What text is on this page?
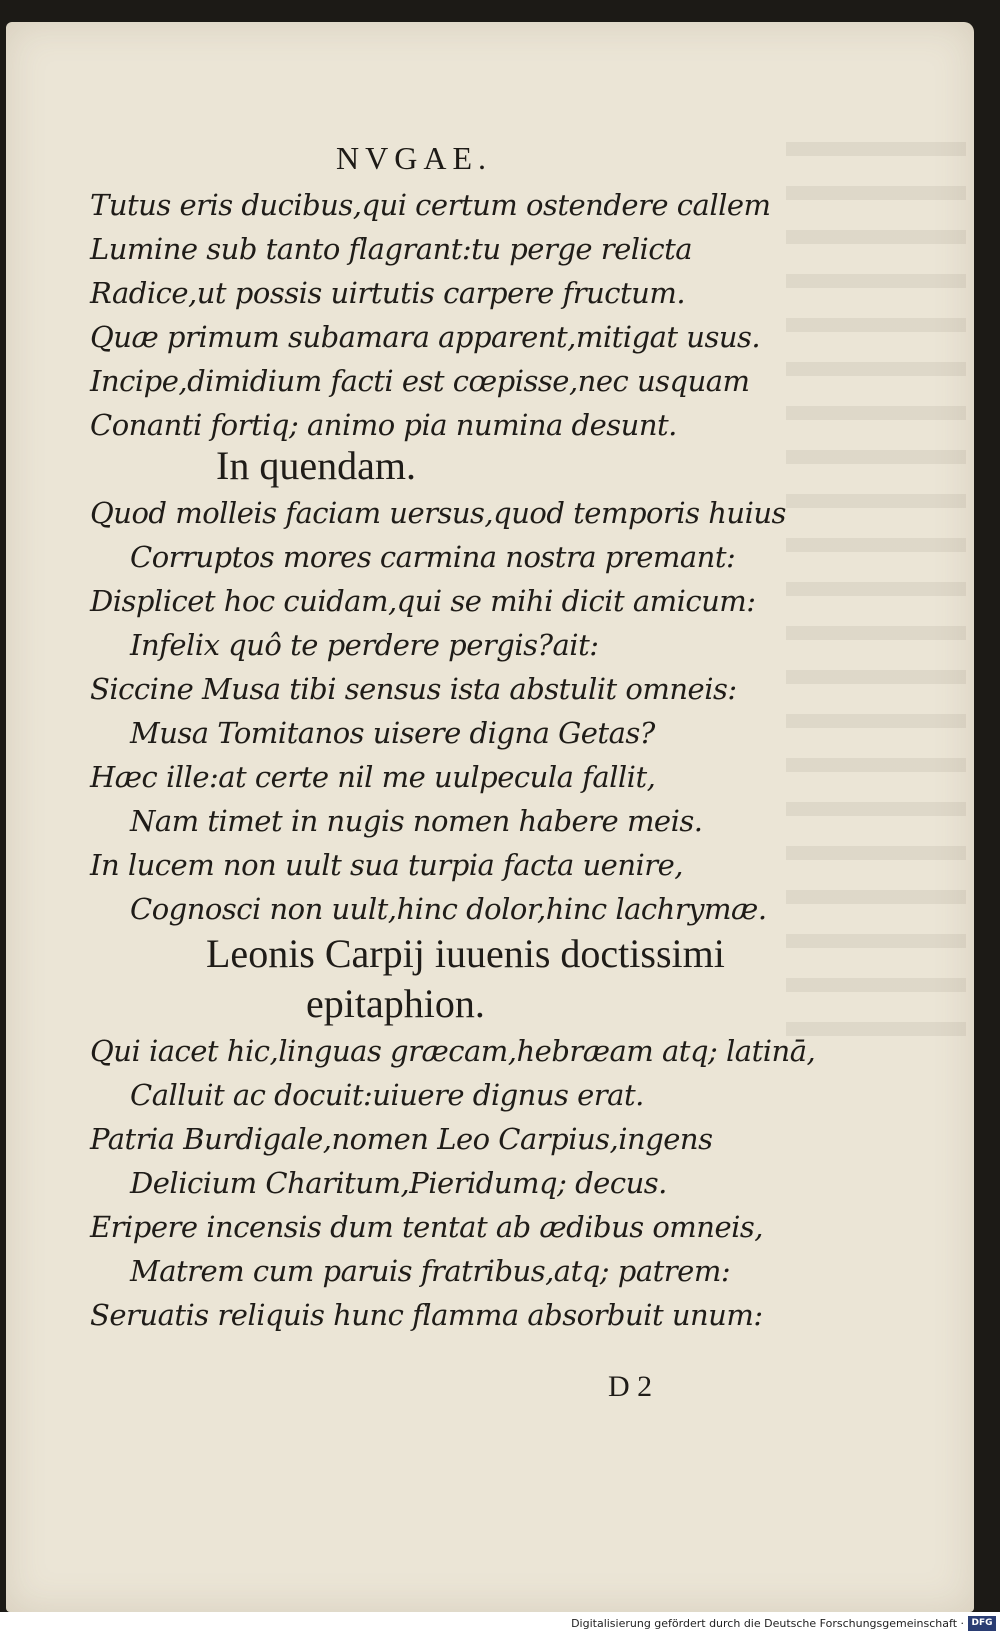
NVGAE.
Tutus eris ducibus,qui certum ostendere callem
Lumine sub tanto flagrant:tu perge relicta
Radice,ut possis uirtutis carpere fructum.
Quæ primum subamara apparent,mitigat usus.
Incipe,dimidium facti est cœpisse,nec usquam
Conanti fortiq; animo pia numina desunt.
In quendam.
Quod molleis faciam uersus,quod temporis huius
Corruptos mores carmina nostra premant:
Displicet hoc cuidam,qui se mihi dicit amicum:
Infelix quô te perdere pergis?ait:
Siccine Musa tibi sensus ista abstulit omneis:
Musa Tomitanos uisere digna Getas?
Hæc ille:at certe nil me uulpecula fallit,
Nam timet in nugis nomen habere meis.
In lucem non uult sua turpia facta uenire,
Cognosci non uult,hinc dolor,hinc lachrymæ.
Leonis Carpij iuuenis doctissimi
epitaphion.
Qui iacet hic,linguas græcam,hebræam atq; latinā,
Calluit ac docuit:uiuere dignus erat.
Patria Burdigale,nomen Leo Carpius,ingens
Delicium Charitum,Pieridumq; decus.
Eripere incensis dum tentat ab ædibus omneis,
Matrem cum paruis fratribus,atq; patrem:
Seruatis reliquis hunc flamma absorbuit unum:
D 2
Digitalisierung gefördert durch die Deutsche Forschungsgemeinschaft · DFG
